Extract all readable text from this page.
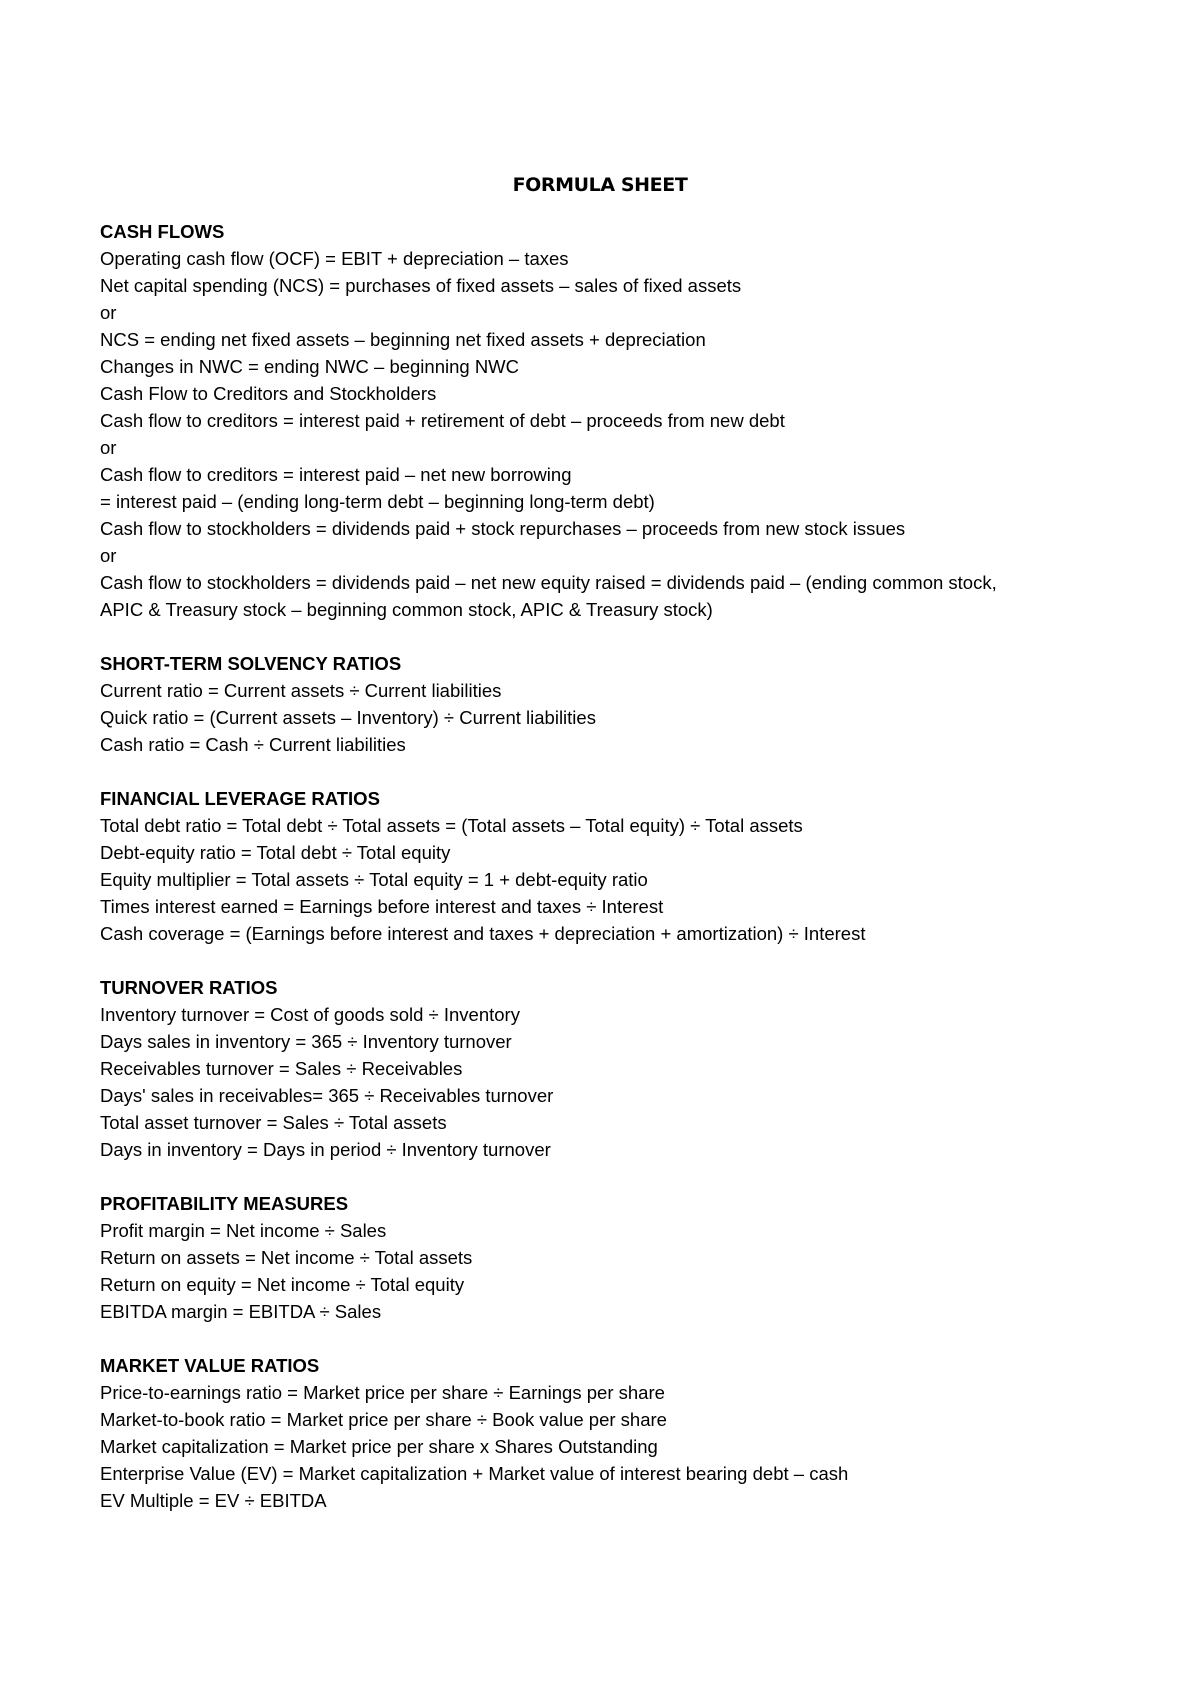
FORMULA SHEET
CASH FLOWS
Operating cash flow (OCF) = EBIT + depreciation – taxes
Net capital spending (NCS) = purchases of fixed assets – sales of fixed assets
or
NCS = ending net fixed assets – beginning net fixed assets + depreciation
Changes in NWC = ending NWC – beginning NWC
Cash Flow to Creditors and Stockholders
Cash flow to creditors = interest paid + retirement of debt – proceeds from new debt
or
Cash flow to creditors = interest paid – net new borrowing
= interest paid – (ending long-term debt – beginning long-term debt)
Cash flow to stockholders = dividends paid + stock repurchases – proceeds from new stock issues
or
Cash flow to stockholders = dividends paid – net new equity raised = dividends paid – (ending common stock,
APIC & Treasury stock – beginning common stock, APIC & Treasury stock)
SHORT-TERM SOLVENCY RATIOS
Current ratio = Current assets ÷ Current liabilities
Quick ratio = (Current assets – Inventory) ÷ Current liabilities
Cash ratio = Cash ÷ Current liabilities
FINANCIAL LEVERAGE RATIOS
Total debt ratio = Total debt ÷ Total assets = (Total assets – Total equity) ÷ Total assets
Debt-equity ratio = Total debt ÷ Total equity
Equity multiplier = Total assets ÷ Total equity = 1 + debt-equity ratio
Times interest earned = Earnings before interest and taxes ÷ Interest
Cash coverage = (Earnings before interest and taxes + depreciation + amortization) ÷ Interest
TURNOVER RATIOS
Inventory turnover = Cost of goods sold ÷ Inventory
Days sales in inventory = 365 ÷ Inventory turnover
Receivables turnover = Sales ÷ Receivables
Days' sales in receivables= 365 ÷ Receivables turnover
Total asset turnover = Sales ÷ Total assets
Days in inventory = Days in period ÷ Inventory turnover
PROFITABILITY MEASURES
Profit margin = Net income ÷ Sales
Return on assets = Net income ÷ Total assets
Return on equity = Net income ÷ Total equity
EBITDA margin = EBITDA ÷ Sales
MARKET VALUE RATIOS
Price-to-earnings ratio = Market price per share ÷ Earnings per share
Market-to-book ratio = Market price per share ÷ Book value per share
Market capitalization = Market price per share x Shares Outstanding
Enterprise Value (EV) = Market capitalization + Market value of interest bearing debt – cash
EV Multiple = EV ÷ EBITDA
